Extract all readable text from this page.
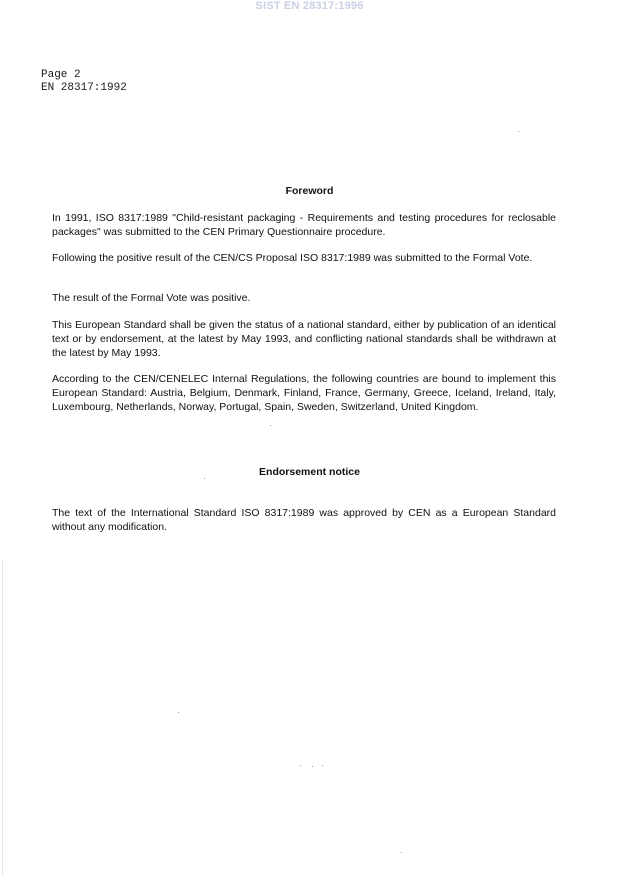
SIST EN 28317:1996
Page 2
EN 28317:1992
Foreword
In 1991, ISO 8317:1989 "Child-resistant packaging - Requirements and testing procedures for reclosable packages" was submitted to the CEN Primary Questionnaire procedure.
Following the positive result of the CEN/CS Proposal ISO 8317:1989 was submitted to the Formal Vote.
The result of the Formal Vote was positive.
This European Standard shall be given the status of a national standard, either by publication of an identical text or by endorsement, at the latest by May 1993, and conflicting national standards shall be withdrawn at the latest by May 1993.
According to the CEN/CENELEC Internal Regulations, the following countries are bound to implement this European Standard: Austria, Belgium, Denmark, Finland, France, Germany, Greece, Iceland, Ireland, Italy, Luxembourg, Netherlands, Norway, Portugal, Spain, Sweden, Switzerland, United Kingdom.
Endorsement notice
The text of the International Standard ISO 8317:1989 was approved by CEN as a European Standard without any modification.
